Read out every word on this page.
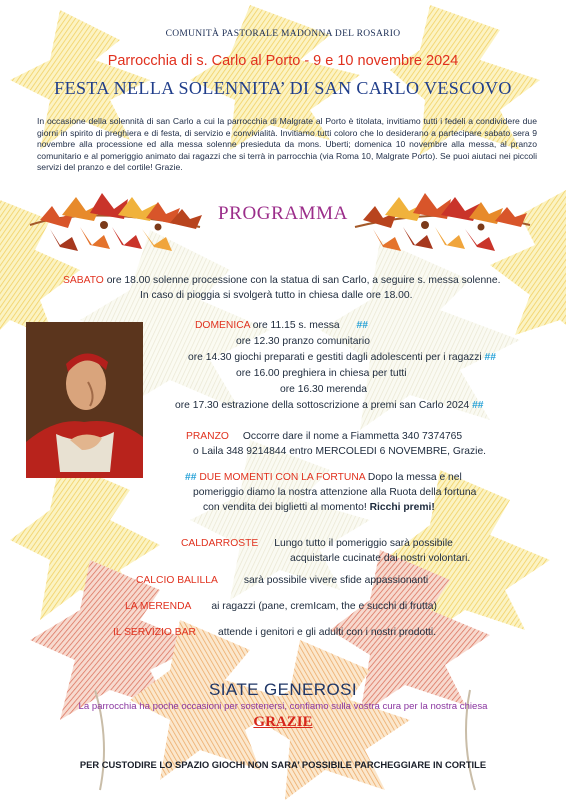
COMUNITÀ PASTORALE MADONNA DEL ROSARIO
Parrocchia di s. Carlo al Porto - 9 e 10 novembre 2024
FESTA NELLA SOLENNITA’ DI SAN CARLO VESCOVO
In occasione della solennità di san Carlo a cui la parrocchia di Malgrate al Porto è titolata, invitiamo tutti i fedeli a condividere due giorni in spirito di preghiera e di festa, di servizio e convivialità. Invitiamo tutti coloro che lo desiderano a partecipare sabato sera 9 novembre alla processione ed alla messa solenne presieduta da mons. Uberti; domenica 10 novembre alla messa, al pranzo comunitario e al pomeriggio animato dai ragazzi che si terrà in parrocchia (via Roma 10, Malgrate Porto). Se puoi aiutaci nei piccoli servizi del pranzo e del cortile! Grazie.
PROGRAMMA
SABATO ore 18.00 solenne processione con la statua di san Carlo, a seguire s. messa solenne.
In caso di pioggia si svolgerà tutto in chiesa dalle ore 18.00.
DOMENICA ore 11.15 s. messa ##
ore 12.30 pranzo comunitario
ore 14.30 giochi preparati e gestiti dagli adolescenti per i ragazzi ##
ore 16.00 preghiera in chiesa per tutti
ore 16.30 merenda
ore 17.30 estrazione della sottoscrizione a premi san Carlo 2024 ##
PRANZO Occorre dare il nome a Fiammetta 340 7374765
o Laila 348 9214844 entro MERCOLEDI 6 NOVEMBRE, Grazie.
## DUE MOMENTI CON LA FORTUNA Dopo la messa e nel
pomeriggio diamo la nostra attenzione alla Ruota della fortuna
con vendita dei biglietti al momento! Ricchi premi!
CALDARROSTE Lungo tutto il pomeriggio sarà possibile
acquistarle cucinate dai nostri volontari.
CALCIO BALILLA	sarà possibile vivere sfide appassionanti
LA MERENDA ai ragazzi (pane, cremIcam, the e succhi di frutta)
IL SERVIZIO BAR attende i genitori e gli adulti con i nostri prodotti.
SIATE GENEROSI
La parrocchia ha poche occasioni per sostenersi, confiamo sulla vostra cura per la nostra chiesa
GRAZIE
PER CUSTODIRE LO SPAZIO GIOCHI NON SARA’ POSSIBILE PARCHEGGIARE IN CORTILE
